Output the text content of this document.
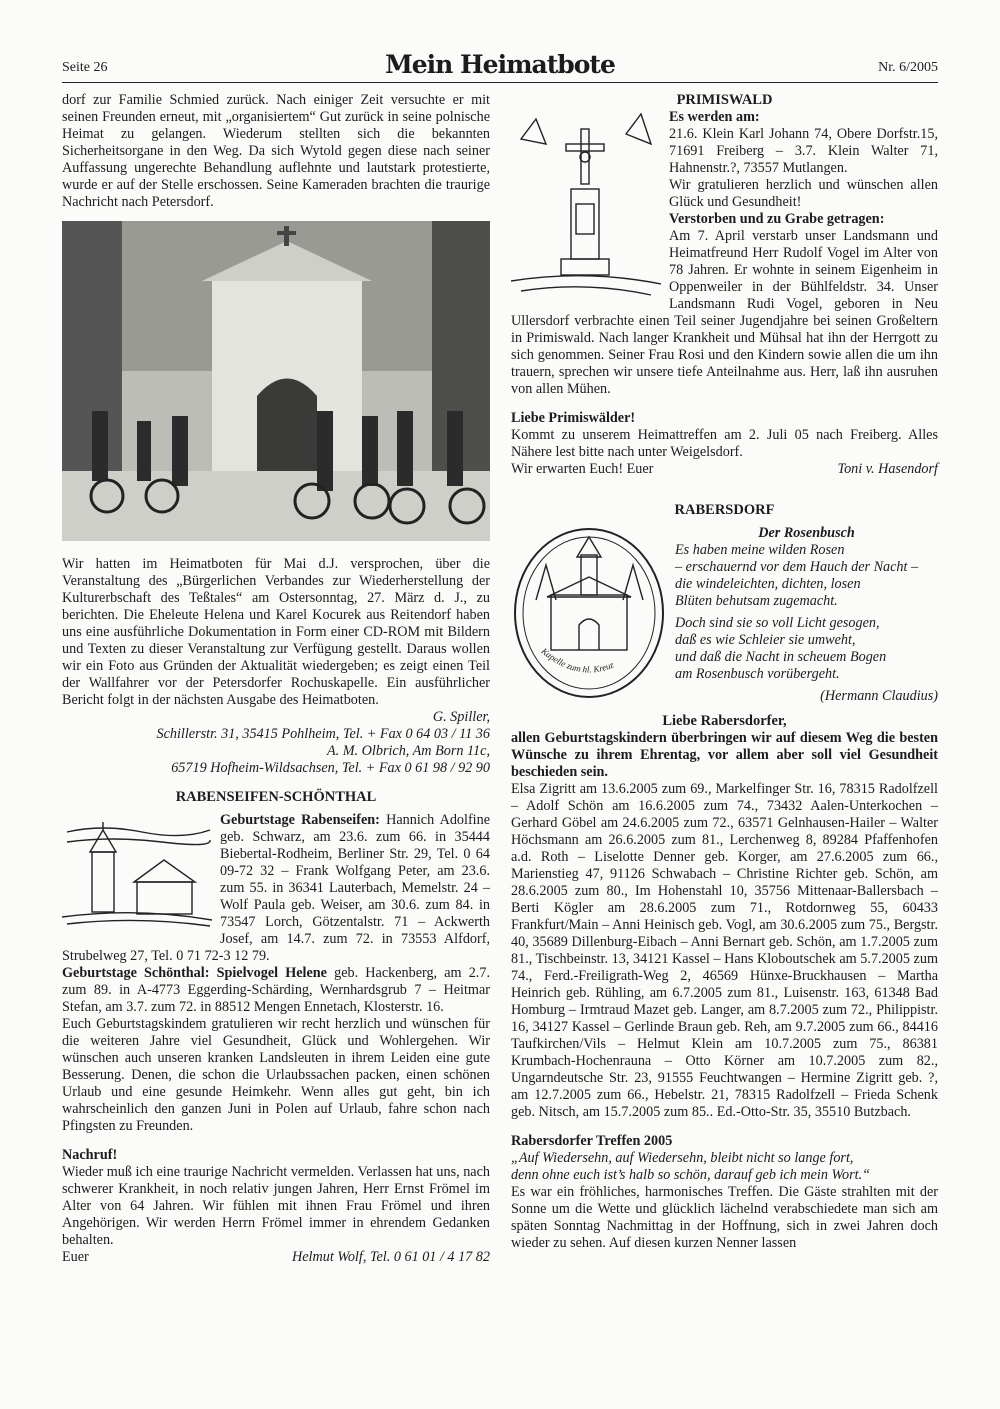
Seite 26	Mein Heimatbote	Nr. 6/2005

dorf zur Familie Schmied zurück. Nach einiger Zeit versuchte er mit seinen Freunden erneut, mit „organisiertem“ Gut zurück in seine polnische Heimat zu gelangen. Wiederum stellten sich die bekannten Sicherheitsorgane in den Weg. Da sich Wytold gegen diese nach seiner Auffassung ungerechte Behandlung auflehnte und lautstark protestierte, wurde er auf der Stelle erschossen. Seine Kameraden brachten die traurige Nachricht nach Petersdorf.

Wir hatten im Heimatboten für Mai d.J. versprochen, über die Veranstaltung des „Bürgerlichen Verbandes zur Wiederherstellung der Kulturerbschaft des Teßtales“ am Ostersonntag, 27. März d. J., zu berichten. Die Eheleute Helena und Karel Kocurek aus Reitendorf haben uns eine ausführliche Dokumentation in Form einer CD-ROM mit Bildern und Texten zu dieser Veranstaltung zur Verfügung gestellt. Daraus wollen wir ein Foto aus Gründen der Aktualität wiedergeben; es zeigt einen Teil der Wallfahrer vor der Petersdorfer Rochuskapelle. Ein ausführlicher Bericht folgt in der nächsten Ausgabe des Heimatboten.

G. Spiller,

Schillerstr. 31, 35415 Pohlheim, Tel. + Fax 0 64 03 / 11 36

A. M. Olbrich, Am Born 11c,

65719 Hofheim-Wildsachsen, Tel. + Fax 0 61 98 / 92 90

RABENSEIFEN-SCHÖNTHAL

Geburtstage Rabenseifen: Hannich Adolfine geb. Schwarz, am 23.6. zum 66. in 35444 Biebertal-Rodheim, Berliner Str. 29, Tel. 0 64 09-72 32 – Frank Wolfgang Peter, am 23.6. zum 55. in 36341 Lauterbach, Memelstr. 24 – Wolf Paula geb. Weiser, am 30.6. zum 84. in 73547 Lorch, Götzentalstr. 71 – Ackwerth Josef, am 14.7. zum 72. in 73553 Alfdorf, Strubelweg 27, Tel. 0 71 72-3 12 79.

Geburtstage Schönthal: Spielvogel Helene geb. Hackenberg, am 2.7. zum 89. in A-4773 Eggerding-Schärding, Wernhardsgrub 7 – Heitmar Stefan, am 3.7. zum 72. in 88512 Mengen Ennetach, Klosterstr. 16.

Euch Geburtstagskindem gratulieren wir recht herzlich und wünschen für die weiteren Jahre viel Gesundheit, Glück und Wohlergehen. Wir wünschen auch unseren kranken Landsleuten in ihrem Leiden eine gute Besserung. Denen, die schon die Urlaubssachen packen, einen schönen Urlaub und eine gesunde Heimkehr. Wenn alles gut geht, bin ich wahrscheinlich den ganzen Juni in Polen auf Urlaub, fahre schon nach Pfingsten zu Freunden.

Nachruf!

Wieder muß ich eine traurige Nachricht vermelden. Verlassen hat uns, nach schwerer Krankheit, in noch relativ jungen Jahren, Herr Ernst Frömel im Alter von 64 Jahren. Wir fühlen mit ihnen Frau Frömel und ihren Angehörigen. Wir werden Herrn Frömel immer in ehrendem Gedanken behalten.

Euer	Helmut Wolf, Tel. 0 61 01 / 4 17 82

PRIMISWALD

Es werden am:

21.6. Klein Karl Johann 74, Obere Dorfstr.15, 71691 Freiberg – 3.7. Klein Walter 71, Hahnenstr.?, 73557 Mutlangen.

Wir gratulieren herzlich und wünschen allen Glück und Gesundheit!

Verstorben und zu Grabe getragen:

Am 7. April verstarb unser Landsmann und Heimatfreund Herr Rudolf Vogel im Alter von 78 Jahren. Er wohnte in seinem Eigenheim in Oppenweiler in der Bühlfeldstr. 34. Unser Landsmann Rudi Vogel, geboren in Neu Ullersdorf verbrachte einen Teil seiner Jugendjahre bei seinen Großeltern in Primiswald. Nach langer Krankheit und Mühsal hat ihn der Herrgott zu sich genommen. Seiner Frau Rosi und den Kindern sowie allen die um ihn trauern, sprechen wir unsere tiefe Anteilnahme aus. Herr, laß ihn ausruhen von allen Mühen.

Liebe Primiswälder!

Kommt zu unserem Heimattreffen am 2. Juli 05 nach Freiberg. Alles Nähere lest bitte nach unter Weigelsdorf.

Wir erwarten Euch! Euer	Toni v. Hasendorf

RABERSDORF

Kapelle zum hl. Kreuz

Der Rosenbusch

Es haben meine wilden Rosen

– erschauernd vor dem Hauch der Nacht –

die windeleichten, dichten, losen

Blüten behutsam zugemacht.

Doch sind sie so voll Licht gesogen,

daß es wie Schleier sie umweht,

und daß die Nacht in scheuem Bogen

am Rosenbusch vorübergeht.

(Hermann Claudius)

Liebe Rabersdorfer,

allen Geburtstagskindern überbringen wir auf diesem Weg die besten Wünsche zu ihrem Ehrentag, vor allem aber soll viel Gesundheit beschieden sein.

Elsa Zigritt am 13.6.2005 zum 69., Markelfinger Str. 16, 78315 Radolfzell – Adolf Schön am 16.6.2005 zum 74., 73432 Aalen-Unterkochen – Gerhard Göbel am 24.6.2005 zum 72., 63571 Gelnhausen-Hailer – Walter Höchsmann am 26.6.2005 zum 81., Lerchenweg 8, 89284 Pfaffenhofen a.d. Roth – Liselotte Denner geb. Korger, am 27.6.2005 zum 66., Marienstieg 47, 91126 Schwabach – Christine Richter geb. Schön, am 28.6.2005 zum 80., Im Hohenstahl 10, 35756 Mittenaar-Ballersbach – Berti Kögler am 28.6.2005 zum 71., Rotdornweg 55, 60433 Frankfurt/Main – Anni Heinisch geb. Vogl, am 30.6.2005 zum 75., Bergstr. 40, 35689 Dillenburg-Eibach – Anni Bernart geb. Schön, am 1.7.2005 zum 81., Tischbeinstr. 13, 34121 Kassel – Hans Kloboutschek am 5.7.2005 zum 74., Ferd.-Freiligrath-Weg 2, 46569 Hünxe-Bruckhausen – Martha Heinrich geb. Rühling, am 6.7.2005 zum 81., Luisenstr. 163, 61348 Bad Homburg – Irmtraud Mazet geb. Langer, am 8.7.2005 zum 72., Philippistr. 16, 34127 Kassel – Gerlinde Braun geb. Reh, am 9.7.2005 zum 66., 84416 Taufkirchen/Vils – Helmut Klein am 10.7.2005 zum 75., 86381 Krumbach-Hochenrauna – Otto Körner am 10.7.2005 zum 82., Ungarndeutsche Str. 23, 91555 Feuchtwangen – Hermine Zigritt geb. ?, am 12.7.2005 zum 66., Hebelstr. 21, 78315 Radolfzell – Frieda Schenk geb. Nitsch, am 15.7.2005 zum 85.. Ed.-Otto-Str. 35, 35510 Butzbach.

Rabersdorfer Treffen 2005

„Auf Wiedersehn, auf Wiedersehn, bleibt nicht so lange fort,

denn ohne euch ist’s halb so schön, darauf geb ich mein Wort.“

Es war ein fröhliches, harmonisches Treffen. Die Gäste strahlten mit der Sonne um die Wette und glücklich lächelnd verabschiedete man sich am späten Sonntag Nachmittag in der Hoffnung, sich in zwei Jahren doch wieder zu sehen. Auf diesen kurzen Nenner lassen
